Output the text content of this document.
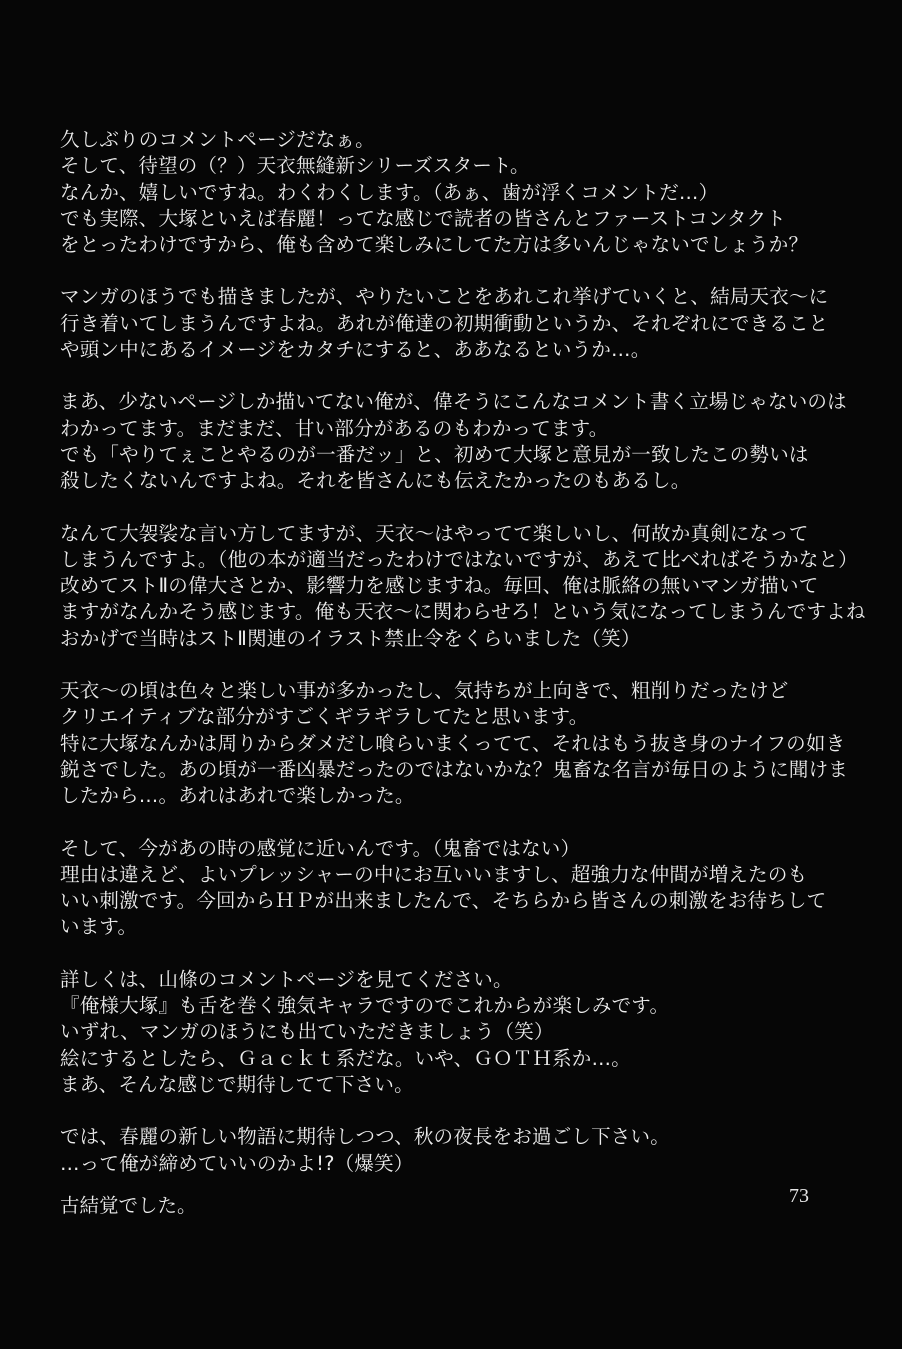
久しぶりのコメントページだなぁ。
そして、待望の（？）天衣無縫新シリーズスタート。
なんか、嬉しいですね。わくわくします。（あぁ、歯が浮くコメントだ…）
でも実際、大塚といえば春麗！ってな感じで読者の皆さんとファーストコンタクト
をとったわけですから、俺も含めて楽しみにしてた方は多いんじゃないでしょうか？
マンガのほうでも描きましたが、やりたいことをあれこれ挙げていくと、結局天衣〜に
行き着いてしまうんですよね。あれが俺達の初期衝動というか、それぞれにできること
や頭ン中にあるイメージをカタチにすると、ああなるというか…。
まあ、少ないページしか描いてない俺が、偉そうにこんなコメント書く立場じゃないのは
わかってます。まだまだ、甘い部分があるのもわかってます。
でも「やりてぇことやるのが一番だッ」と、初めて大塚と意見が一致したこの勢いは
殺したくないんですよね。それを皆さんにも伝えたかったのもあるし。
なんて大袈裟な言い方してますが、天衣〜はやってて楽しいし、何故か真剣になって
しまうんですよ。（他の本が適当だったわけではないですが、あえて比べればそうかなと）
改めてストⅡの偉大さとか、影響力を感じますね。毎回、俺は脈絡の無いマンガ描いて
ますがなんかそう感じます。俺も天衣〜に関わらせろ！という気になってしまうんですよね
おかげで当時はストⅡ関連のイラスト禁止令をくらいました（笑）
天衣〜の頃は色々と楽しい事が多かったし、気持ちが上向きで、粗削りだったけど
クリエイティブな部分がすごくギラギラしてたと思います。
特に大塚なんかは周りからダメだし喰らいまくってて、それはもう抜き身のナイフの如き
鋭さでした。あの頃が一番凶暴だったのではないかな？鬼畜な名言が毎日のように聞けま
したから…。あれはあれで楽しかった。
そして、今があの時の感覚に近いんです。（鬼畜ではない）
理由は違えど、よいプレッシャーの中にお互いいますし、超強力な仲間が増えたのも
いい刺激です。今回からＨＰが出来ましたんで、そちらから皆さんの刺激をお待ちして
います。
詳しくは、山條のコメントページを見てください。
『俺様大塚』も舌を巻く強気キャラですのでこれからが楽しみです。
いずれ、マンガのほうにも出ていただきましょう（笑）
絵にするとしたら、Ｇａｃｋｔ系だな。いや、ＧＯＴＨ系か…。
まあ、そんな感じで期待してて下さい。
では、春麗の新しい物語に期待しつつ、秋の夜長をお過ごし下さい。
…って俺が締めていいのかよ!?（爆笑）
古結覚でした。	73
